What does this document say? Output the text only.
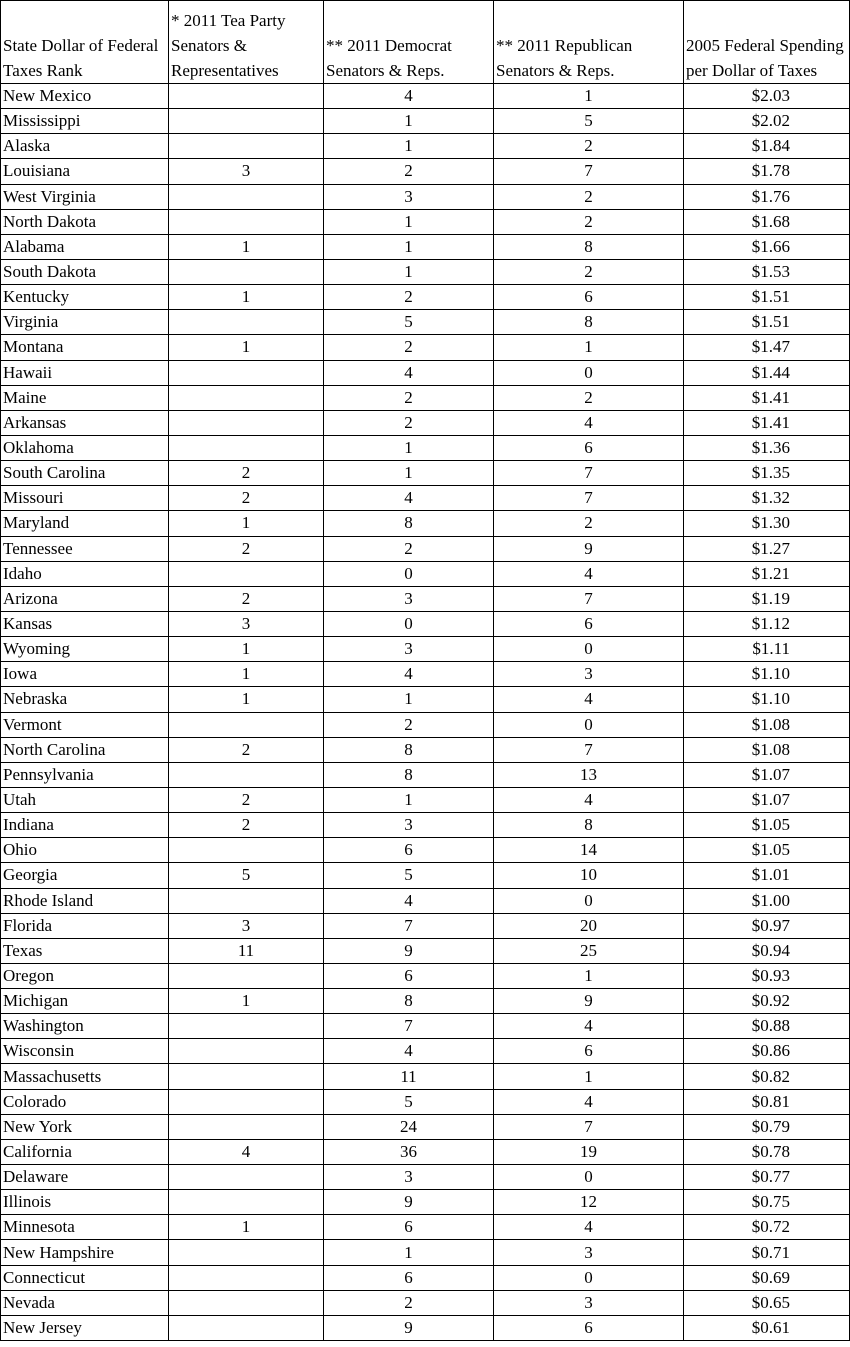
State Dollar of Federal Taxes Rank	* 2011 Tea Party Senators & Representatives	** 2011 Democrat Senators & Reps.	** 2011 Republican Senators & Reps.	2005 Federal Spending per Dollar of Taxes
New Mexico		4	1	$2.03
Mississippi		1	5	$2.02
Alaska		1	2	$1.84
Louisiana	3	2	7	$1.78
West Virginia		3	2	$1.76
North Dakota		1	2	$1.68
Alabama	1	1	8	$1.66
South Dakota		1	2	$1.53
Kentucky	1	2	6	$1.51
Virginia		5	8	$1.51
Montana	1	2	1	$1.47
Hawaii		4	0	$1.44
Maine		2	2	$1.41
Arkansas		2	4	$1.41
Oklahoma		1	6	$1.36
South Carolina	2	1	7	$1.35
Missouri	2	4	7	$1.32
Maryland	1	8	2	$1.30
Tennessee	2	2	9	$1.27
Idaho		0	4	$1.21
Arizona	2	3	7	$1.19
Kansas	3	0	6	$1.12
Wyoming	1	3	0	$1.11
Iowa	1	4	3	$1.10
Nebraska	1	1	4	$1.10
Vermont		2	0	$1.08
North Carolina	2	8	7	$1.08
Pennsylvania		8	13	$1.07
Utah	2	1	4	$1.07
Indiana	2	3	8	$1.05
Ohio		6	14	$1.05
Georgia	5	5	10	$1.01
Rhode Island		4	0	$1.00
Florida	3	7	20	$0.97
Texas	11	9	25	$0.94
Oregon		6	1	$0.93
Michigan	1	8	9	$0.92
Washington		7	4	$0.88
Wisconsin		4	6	$0.86
Massachusetts		11	1	$0.82
Colorado		5	4	$0.81
New York		24	7	$0.79
California	4	36	19	$0.78
Delaware		3	0	$0.77
Illinois		9	12	$0.75
Minnesota	1	6	4	$0.72
New Hampshire		1	3	$0.71
Connecticut		6	0	$0.69
Nevada		2	3	$0.65
New Jersey		9	6	$0.61
